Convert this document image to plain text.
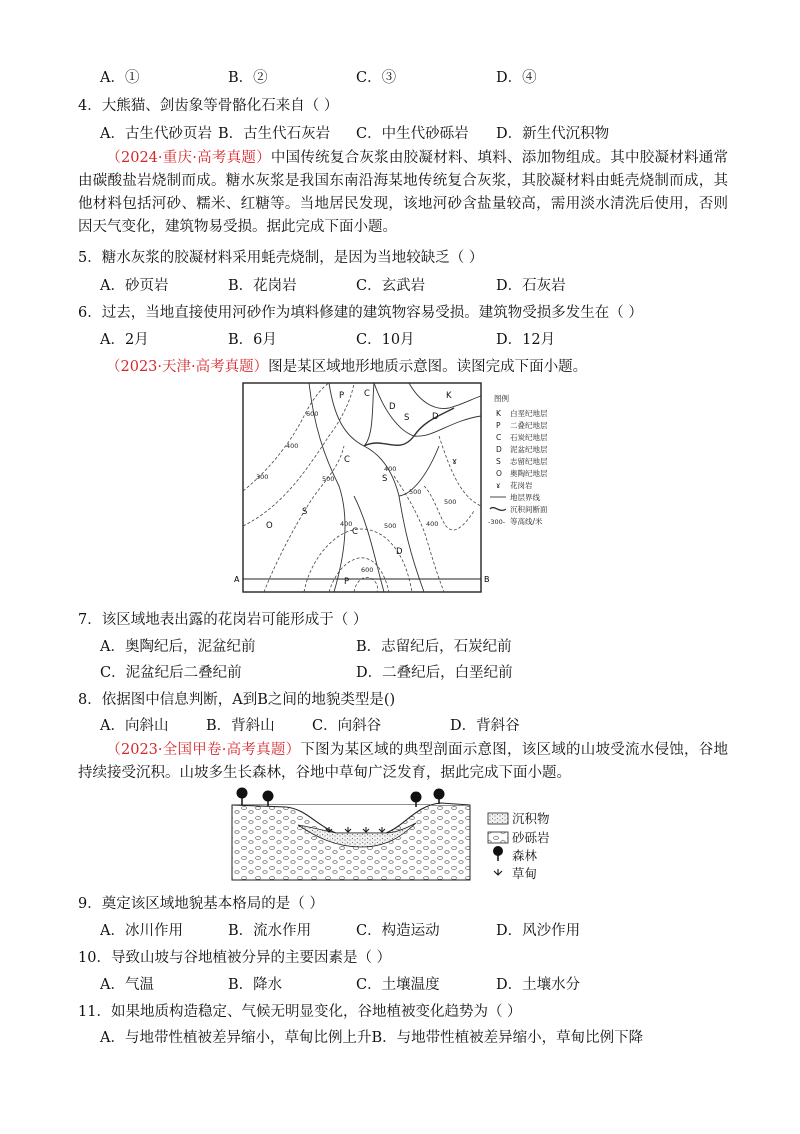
A．①	B．②	C．③	D．④
4．大熊猫、剑齿象等骨骼化石来自（ ）
A．古生代砂页岩 B．古生代石灰岩 C．中生代砂砾岩 D．新生代沉积物
（2024·重庆·高考真题）中国传统复合灰浆由胶凝材料、填料、添加物组成。其中胶凝材料通常由碳酸盐岩烧制而成。糖水灰浆是我国东南沿海某地传统复合灰浆，其胶凝材料由蚝壳烧制而成，其他材料包括河砂、糯米、红糖等。当地居民发现，该地河砂含盐量较高，需用淡水清洗后使用，否则因天气变化，建筑物易受损。据此完成下面小题。
5．糖水灰浆的胶凝材料采用蚝壳烧制，是因为当地较缺乏（ ）
A．砂页岩	B．花岗岩	C．玄武岩	D．石灰岩
6．过去，当地直接使用河砂作为填料修建的建筑物容易受损。建筑物受损多发生在（ ）
A．2月	B．6月	C．10月	D．12月
（2023·天津·高考真题）图是某区域地形地质示意图。读图完成下面小题。
600
400
300	500
400
400
500
500
600
400
500
P C
D
S
K
C
S
ɤ
O
S
C
D
D
P
A	B
图例
K 白垩纪地层
P 二叠纪地层
C 石炭纪地层
D 泥盆纪地层
S 志留纪地层
O 奥陶纪地层
ɤ 花岗岩
地层界线
沉积间断面
-300- 等高线/米
7．该区域地表出露的花岗岩可能形成于（ ）
A．奥陶纪后，泥盆纪前	B．志留纪后，石炭纪前
C．泥盆纪后二叠纪前	D．二叠纪后，白垩纪前
8．依据图中信息判断，A到B之间的地貌类型是()
A．向斜山	B．背斜山	C．向斜谷	D．背斜谷
（2023·全国甲卷·高考真题）下图为某区域的典型剖面示意图，该区域的山坡受流水侵蚀，谷地持续接受沉积。山坡多生长森林，谷地中草甸广泛发育，据此完成下面小题。
沉积物
砂砾岩
森林
草甸
9．奠定该区域地貌基本格局的是（ ）
A．冰川作用	B．流水作用	C．构造运动	D．风沙作用
10．导致山坡与谷地植被分异的主要因素是（ ）
A．气温	B．降水	C．土壤温度	D．土壤水分
11．如果地质构造稳定、气候无明显变化，谷地植被变化趋势为（ ）
A．与地带性植被差异缩小，草甸比例上升B．与地带性植被差异缩小，草甸比例下降
